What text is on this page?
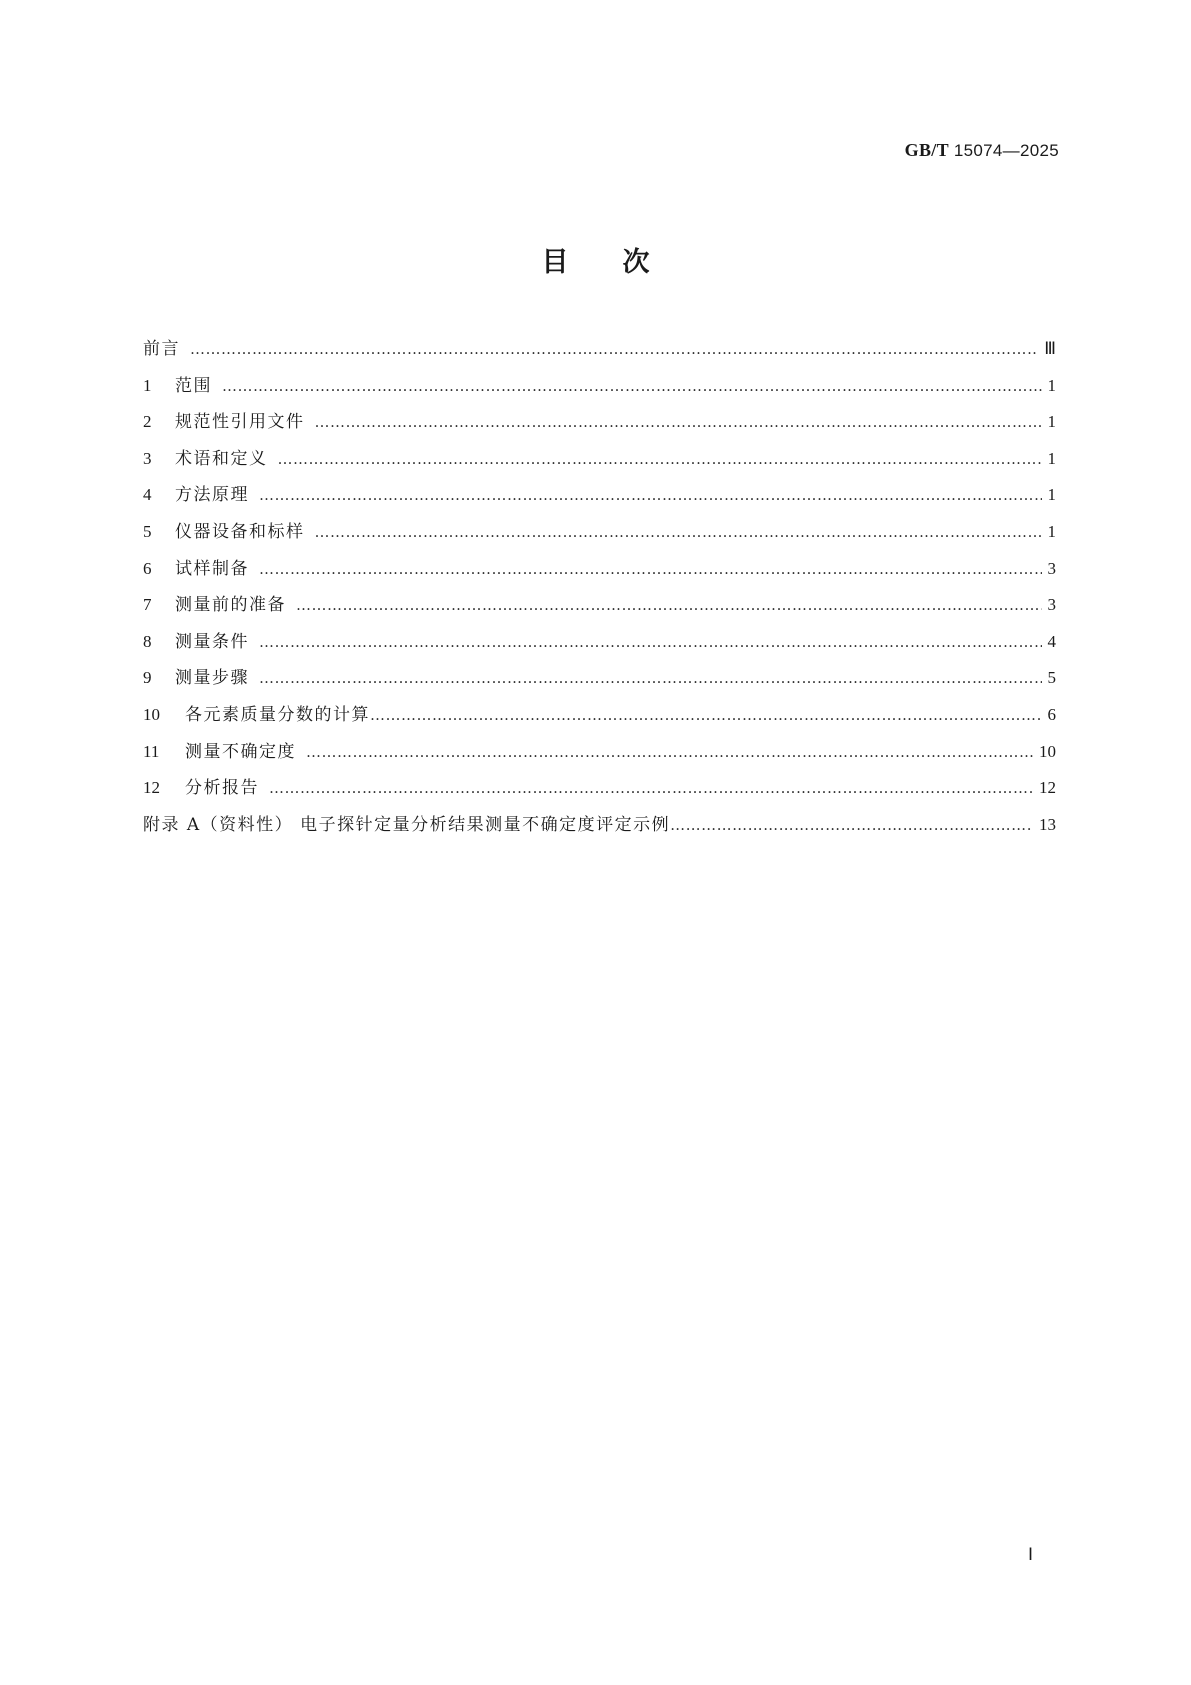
GB/T 15074—2025
目次
前言 …………………………………………………………………………………………………………………………………………………………………………………………………………	Ⅲ
1	范围 …………………………………………………………………………………………………………………………………………………………………………………………………………	1
2	规范性引用文件 …………………………………………………………………………………………………………………………………………………………………………………………………………	1
3	术语和定义 …………………………………………………………………………………………………………………………………………………………………………………………………………	1
4	方法原理 …………………………………………………………………………………………………………………………………………………………………………………………………………	1
5	仪器设备和标样 …………………………………………………………………………………………………………………………………………………………………………………………………………	1
6	试样制备 …………………………………………………………………………………………………………………………………………………………………………………………………………	3
7	测量前的准备 …………………………………………………………………………………………………………………………………………………………………………………………………………	3
8	测量条件 …………………………………………………………………………………………………………………………………………………………………………………………………………	4
9	测量步骤 …………………………………………………………………………………………………………………………………………………………………………………………………………	5
10	各元素质量分数的计算 …………………………………………………………………………………………………………………………………………………………………………………………………………	6
11	测量不确定度 …………………………………………………………………………………………………………………………………………………………………………………………………………	10
12	分析报告 …………………………………………………………………………………………………………………………………………………………………………………………………………	12
附录 A（资料性） 电子探针定量分析结果测量不确定度评定示例 …………………………………………………………………………………………………………………………………………………………………………………………………………	13
Ⅰ
